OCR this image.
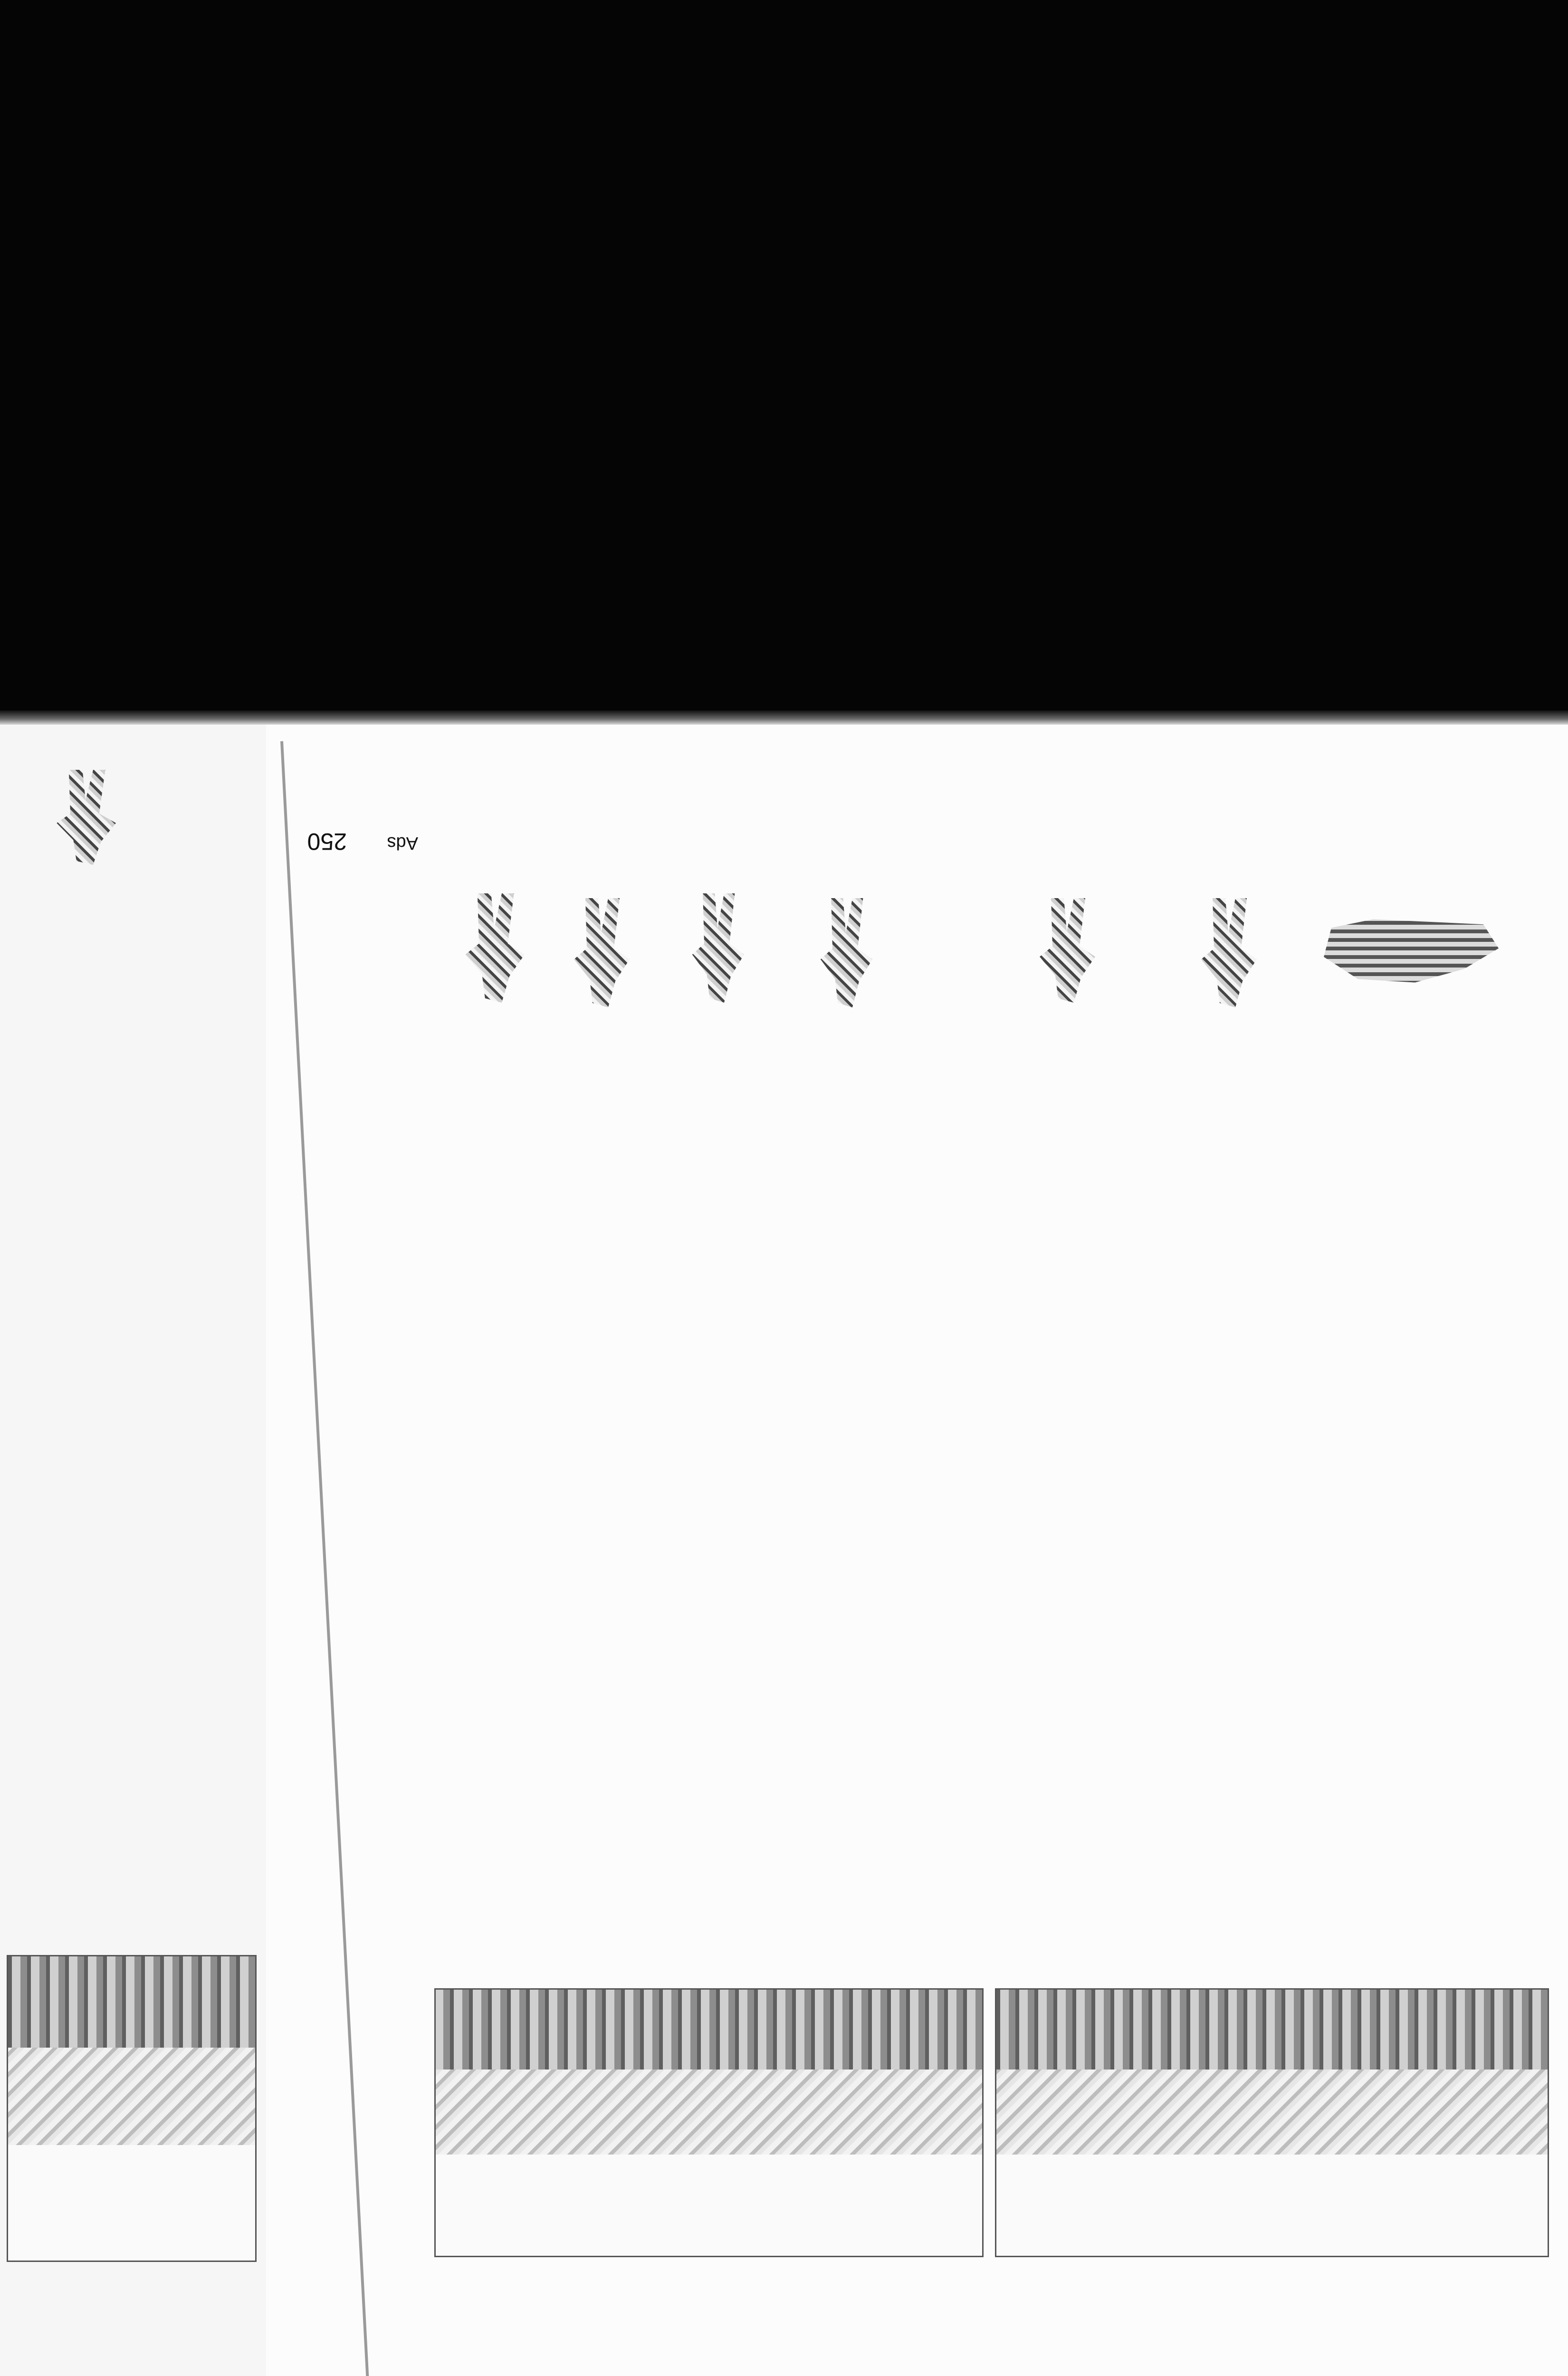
Ads
250
